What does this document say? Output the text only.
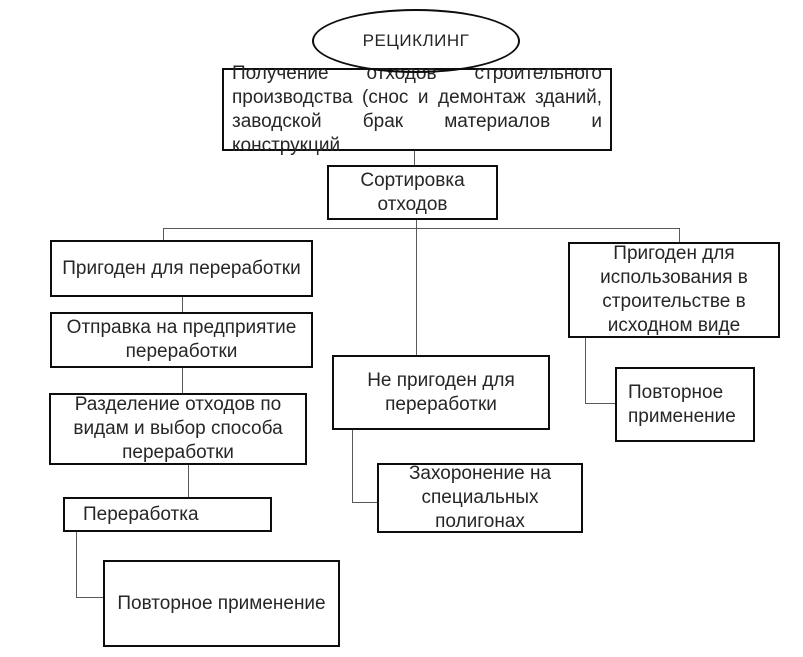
РЕЦИКЛИНГ
Получение отходов строительного
производства (снос и демонтаж зданий,
заводской брак материалов и конструкций
Сортировка
отходов
Пригоден для переработки
Отправка на предприятие
переработки
Разделение отходов по
видам и выбор способа
переработки
Переработка
Повторное применение
Не пригоден для
переработки
Захоронение на
специальных
полигонах
Пригоден для
использования в
строительстве в
исходном виде
Повторное
применение
